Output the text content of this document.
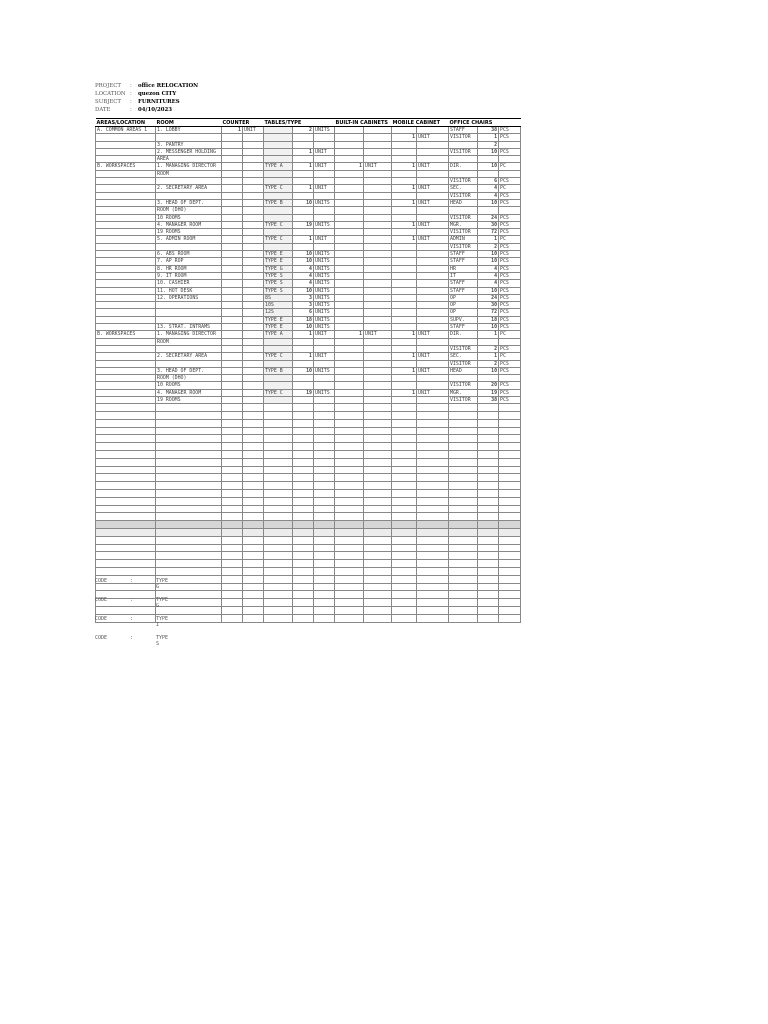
PROJECT	:	office RELOCATION
LOCATION :	quezon CITY
SUBJECT	:	FURNITURES
DATE	:	04/10/2023
AREAS/LOCATION	ROOM	COUNTER		TABLES/TYPE			BUILT-IN CABINETS		MOBILE CABINET		OFFICE CHAIRS		
A. COMMON AREAS 1	1. LOBBY	1	UNIT		2	UNITS					STAFF	38	PCS
									1	UNIT	VISITOR	1	PCS
	3. PANTRY											2	
	2. MESSENGER HOLDING				1	UNIT					VISITOR	10	PCS
	AREA												
B. WORKSPACES	1. MANAGING DIRECTOR			TYPE A	1	UNIT	1	UNIT	1	UNIT	DIR.	10	PC
	ROOM												
											VISITOR	6	PCS
	2. SECRETARY AREA			TYPE C	1	UNIT			1	UNIT	SEC.	4	PC
											VISITOR	4	PCS
	3. HEAD OF DEPT.			TYPE B	10	UNITS			1	UNIT	HEAD	10	PCS
	ROOM (DHO)												
	10 ROOMS										VISITOR	24	PCS
	4. MANAGER ROOM			TYPE C	19	UNITS			1	UNIT	MGR.	30	PCS
	19 ROOMS										VISITOR	72	PCS
	5. ADMIN ROOM			TYPE C	1	UNIT			1	UNIT	ADMIN	1	PC
											VISITOR	2	PCS
	6. ABS ROOM			TYPE E	10	UNITS					STAFF	10	PCS
	7. AP ROP			TYPE E	10	UNITS					STAFF	10	PCS
	8. HR ROOM			TYPE G	4	UNITS					HR	4	PCS
	9. IT ROOM			TYPE S	4	UNITS					IT	4	PCS
	10. CASHIER			TYPE S	4	UNITS					STAFF	4	PCS
	11. HOT DESK			TYPE S	10	UNITS					STAFF	10	PCS
	12. OPERATIONS			8S	3	UNITS					OP	24	PCS
				10S	3	UNITS					OP	30	PCS
				12S	6	UNITS					OP	72	PCS
				TYPE E	18	UNITS					SUPV.	18	PCS
	13. STRAT. INTRAMS			TYPE E	10	UNITS					STAFF	10	PCS
B. WORKSPACES	1. MANAGING DIRECTOR			TYPE A	1	UNIT	1	UNIT	1	UNIT	DIR.	1	PC
	ROOM												
											VISITOR	2	PCS
	2. SECRETARY AREA			TYPE C	1	UNIT			1	UNIT	SEC.	1	PC
											VISITOR	2	PCS
	3. HEAD OF DEPT.			TYPE B	10	UNITS			1	UNIT	HEAD	10	PCS
	ROOM (DHO)												
	10 ROOMS										VISITOR	20	PCS
	4. MANAGER ROOM			TYPE C	19	UNITS			1	UNIT	MGR.	19	PCS
	19 ROOMS										VISITOR	38	PCS

CODE	:	TYPE G
CODE	:	TYPE G
CODE	:	TYPE I
CODE	:	TYPE S
